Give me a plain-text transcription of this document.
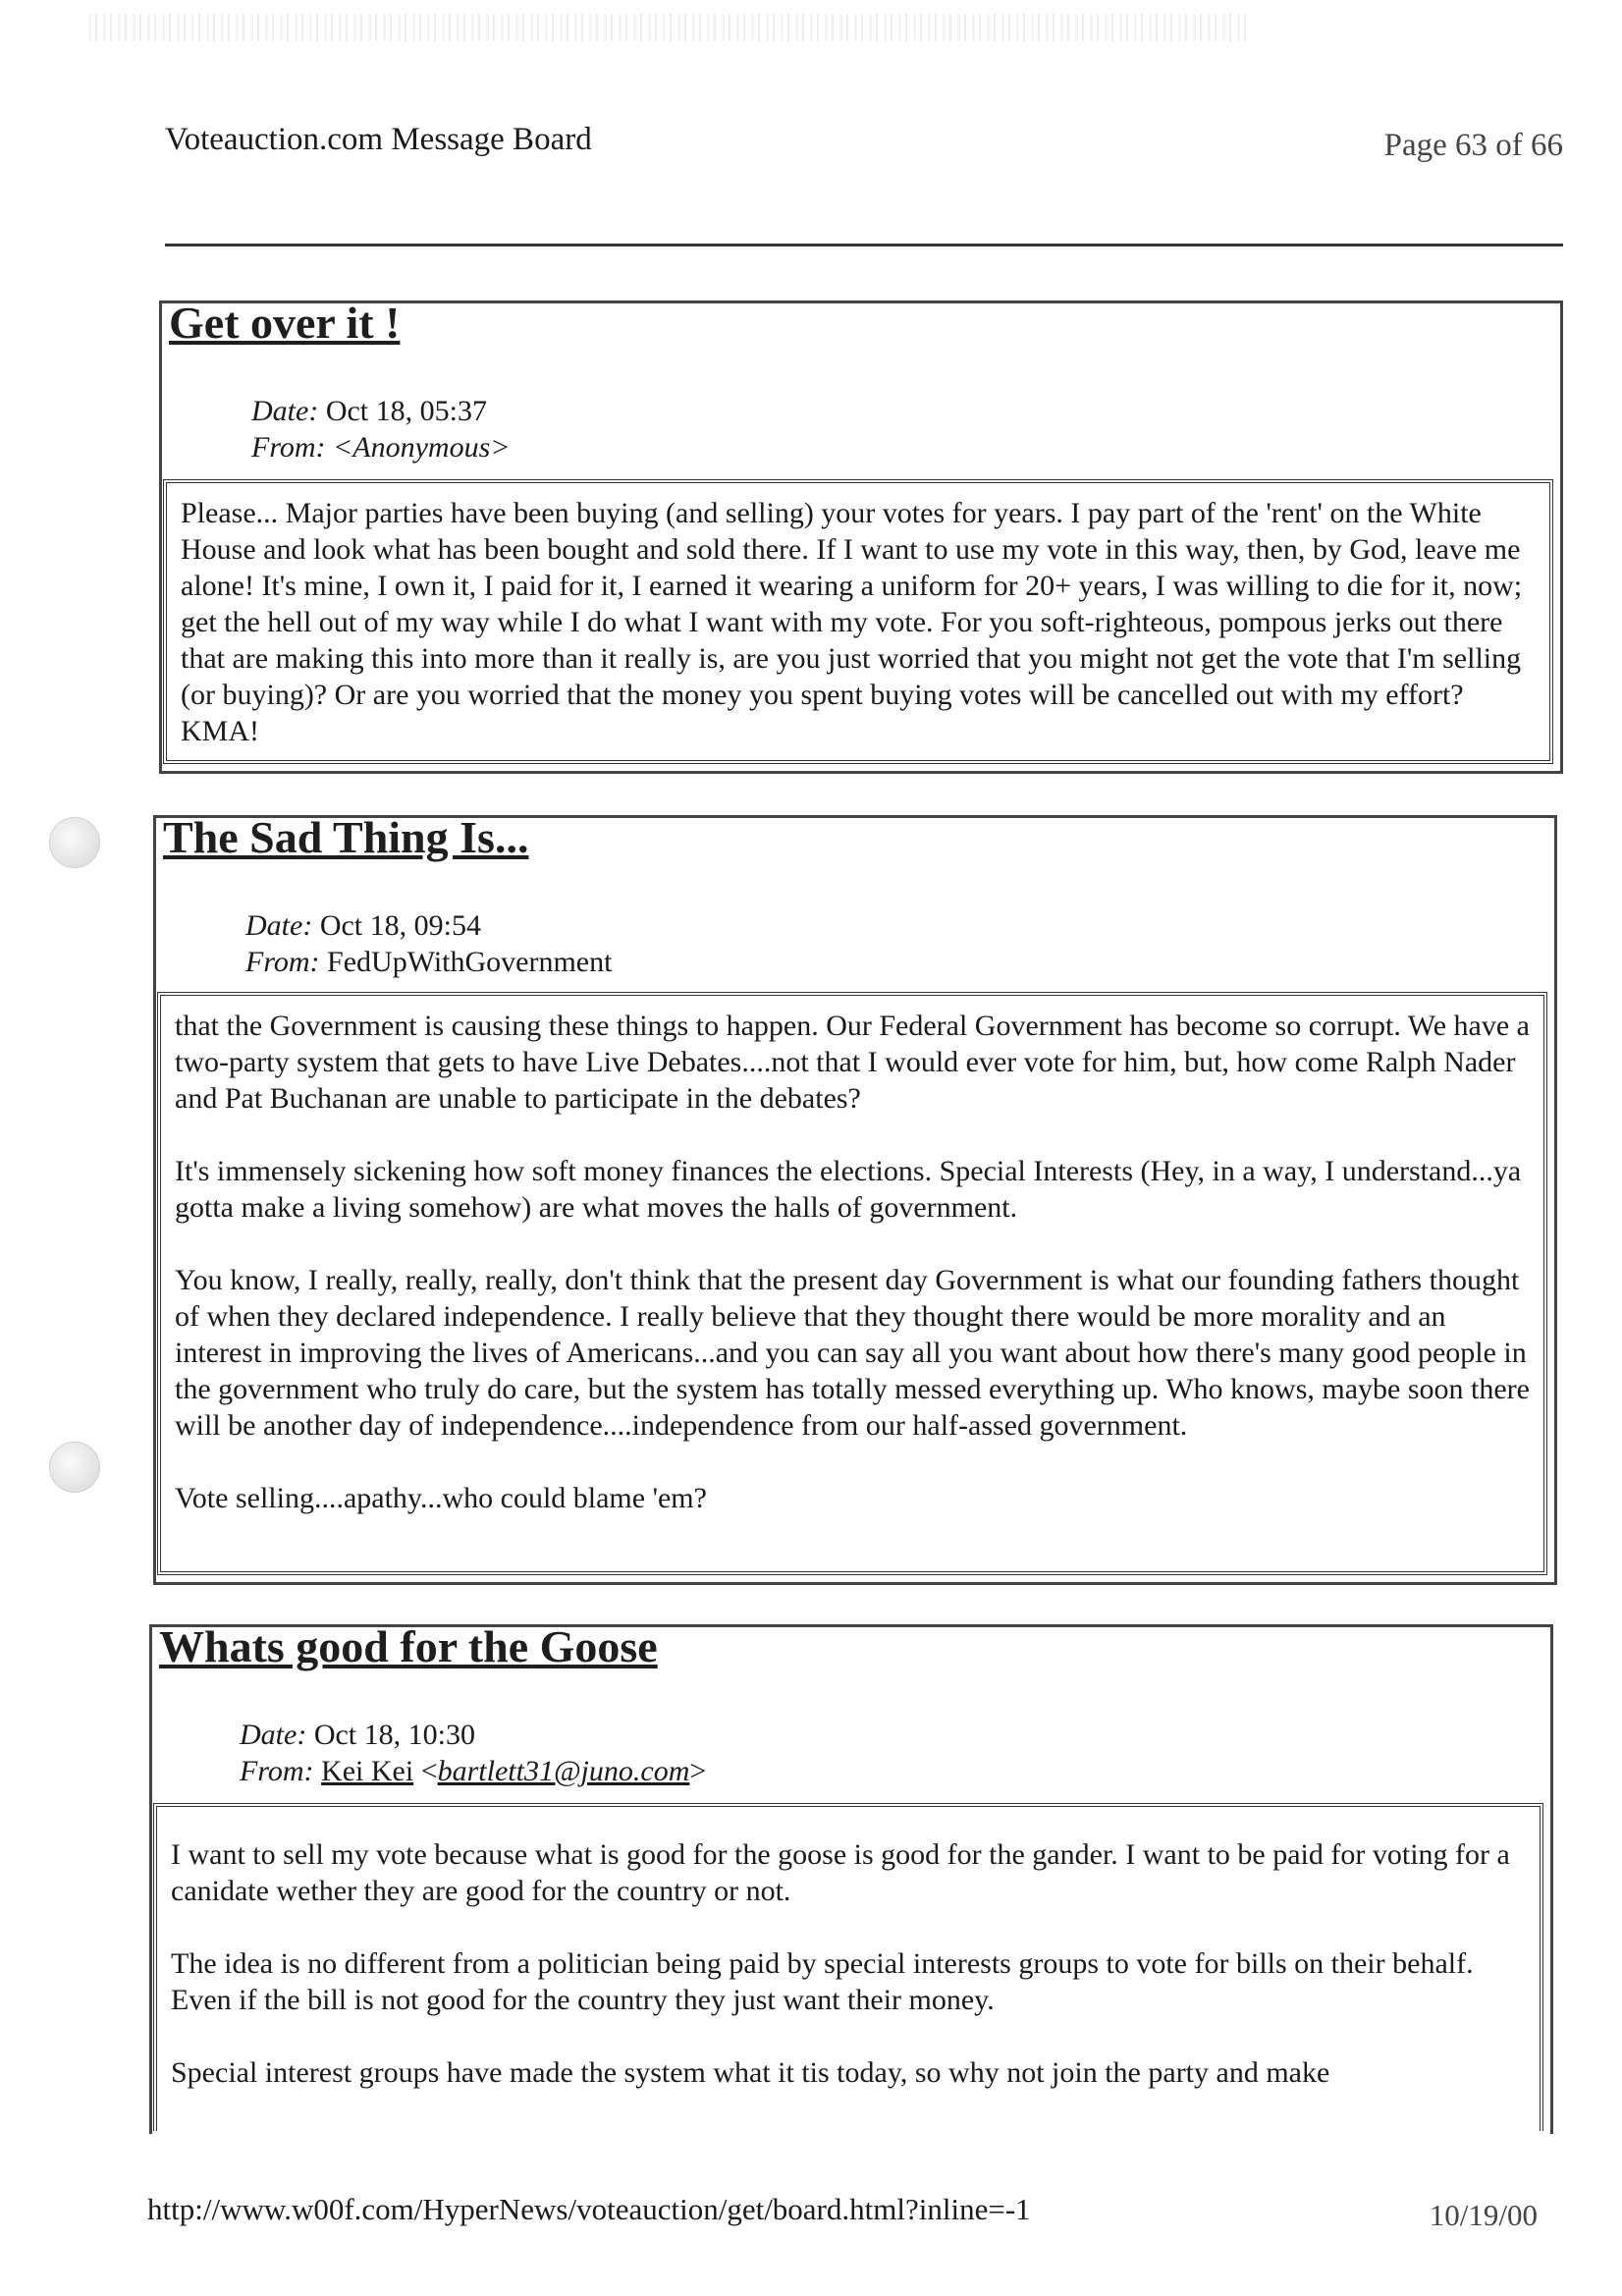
Voteauction.com Message Board	Page 63 of 66
Get over it !
Date: Oct 18, 05:37
From: <Anonymous>

Please... Major parties have been buying (and selling) your votes for years. I pay part of the 'rent' on the White House and look what has been bought and sold there. If I want to use my vote in this way, then, by God, leave me alone! It's mine, I own it, I paid for it, I earned it wearing a uniform for 20+ years, I was willing to die for it, now; get the hell out of my way while I do what I want with my vote. For you soft-righteous, pompous jerks out there that are making this into more than it really is, are you just worried that you might not get the vote that I'm selling (or buying)? Or are you worried that the money you spent buying votes will be cancelled out with my effort? KMA!

The Sad Thing Is...
Date: Oct 18, 09:54
From: FedUpWithGovernment

that the Government is causing these things to happen. Our Federal Government has become so corrupt. We have a two-party system that gets to have Live Debates....not that I would ever vote for him, but, how come Ralph Nader and Pat Buchanan are unable to participate in the debates?

It's immensely sickening how soft money finances the elections. Special Interests (Hey, in a way, I understand...ya gotta make a living somehow) are what moves the halls of government.

You know, I really, really, really, don't think that the present day Government is what our founding fathers thought of when they declared independence. I really believe that they thought there would be more morality and an interest in improving the lives of Americans...and you can say all you want about how there's many good people in the government who truly do care, but the system has totally messed everything up. Who knows, maybe soon there will be another day of independence....independence from our half-assed government.

Vote selling....apathy...who could blame 'em?

Whats good for the Goose
Date: Oct 18, 10:30
From: Kei Kei <bartlett31@juno.com>

I want to sell my vote because what is good for the goose is good for the gander. I want to be paid for voting for a canidate wether they are good for the country or not.

The idea is no different from a politician being paid by special interests groups to vote for bills on their behalf. Even if the bill is not good for the country they just want their money.

Special interest groups have made the system what it tis today, so why not join the party and make

http://www.w00f.com/HyperNews/voteauction/get/board.html?inline=-1	10/19/00
